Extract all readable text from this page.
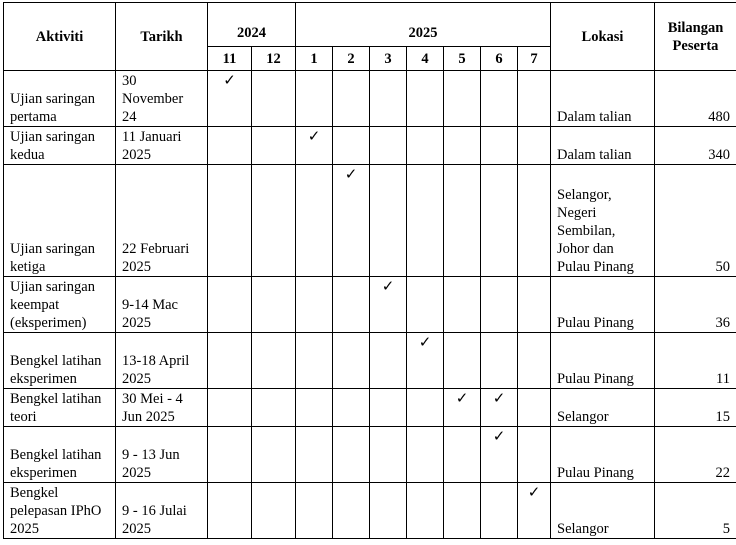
Aktiviti	Tarikh	2024		2025							Lokasi	Bilangan Peserta
		11	12	1	2	3	4	5	6	7		
Ujian saringan pertama	30 November 24	✓									Dalam talian	480
Ujian saringan kedua	11 Januari 2025			✓							Dalam talian	340
Ujian saringan ketiga	22 Februari 2025				✓						Selangor, Negeri Sembilan, Johor dan Pulau Pinang	50
Ujian saringan keempat (eksperimen)	9-14 Mac 2025					✓					Pulau Pinang	36
Bengkel latihan eksperimen	13-18 April 2025						✓				Pulau Pinang	11
Bengkel latihan teori	30 Mei - 4 Jun 2025							✓	✓		Selangor	15
Bengkel latihan eksperimen	9 - 13 Jun 2025								✓		Pulau Pinang	22
Bengkel pelepasan IPhO 2025	9 - 16 Julai 2025									✓	Selangor	5
